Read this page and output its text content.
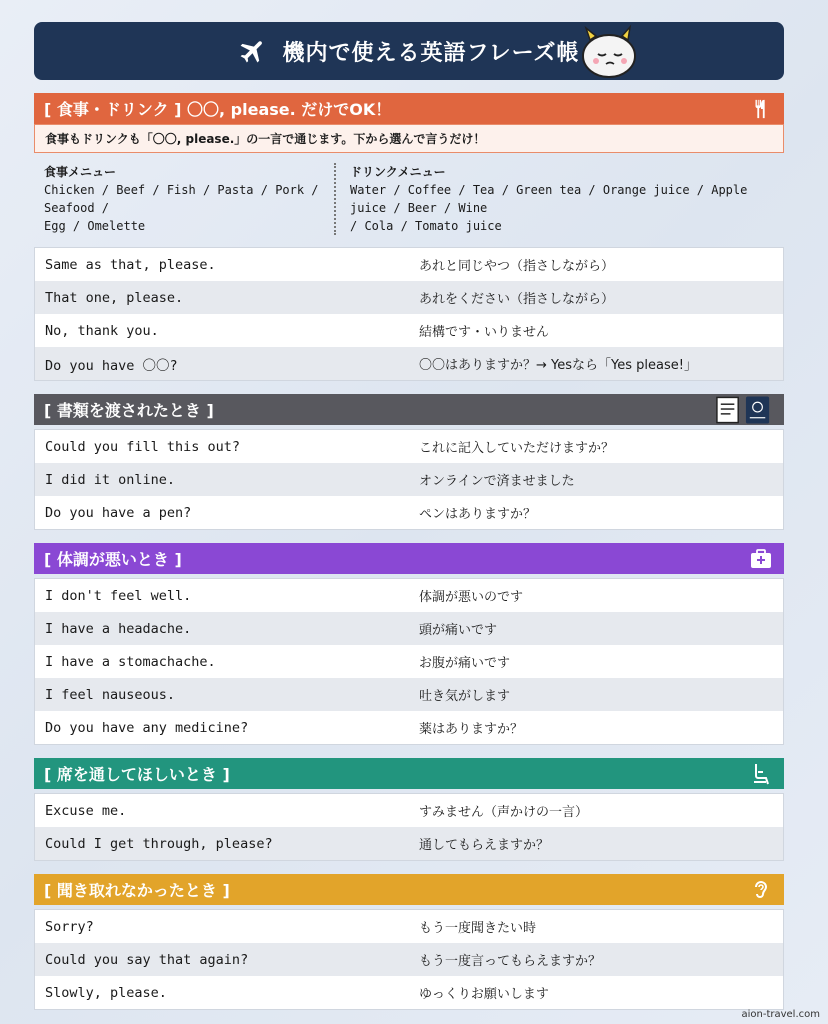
機内で使える英語フレーズ帳
[ 食事・ドリンク ] 〇〇, please. だけでOK！
食事もドリンクも「〇〇, please.」の一言で通じます。下から選んで言うだけ！
食事メニュー
Chicken / Beef / Fish / Pasta / Pork / Seafood /
Egg / Omelette
ドリンクメニュー
Water / Coffee / Tea / Green tea / Orange juice / Apple juice / Beer / Wine
/ Cola / Tomato juice
Same as that, please.	あれと同じやつ（指さしながら）
That one, please.	あれをください（指さしながら）
No, thank you.	結構です・いりません
Do you have 〇〇?	〇〇はありますか？→ Yesなら「Yes please!」
[ 書類を渡されたとき ]
Could you fill this out?	これに記入していただけますか？
I did it online.	オンラインで済ませました
Do you have a pen?	ペンはありますか？
[ 体調が悪いとき ]
I don't feel well.	体調が悪いのです
I have a headache.	頭が痛いです
I have a stomachache.	お腹が痛いです
I feel nauseous.	吐き気がします
Do you have any medicine?	薬はありますか？
[ 席を通してほしいとき ]
Excuse me.	すみません（声かけの一言）
Could I get through, please?	通してもらえますか？
[ 聞き取れなかったとき ]
Sorry?	もう一度聞きたい時
Could you say that again?	もう一度言ってもらえますか？
Slowly, please.	ゆっくりお願いします
aion-travel.com
